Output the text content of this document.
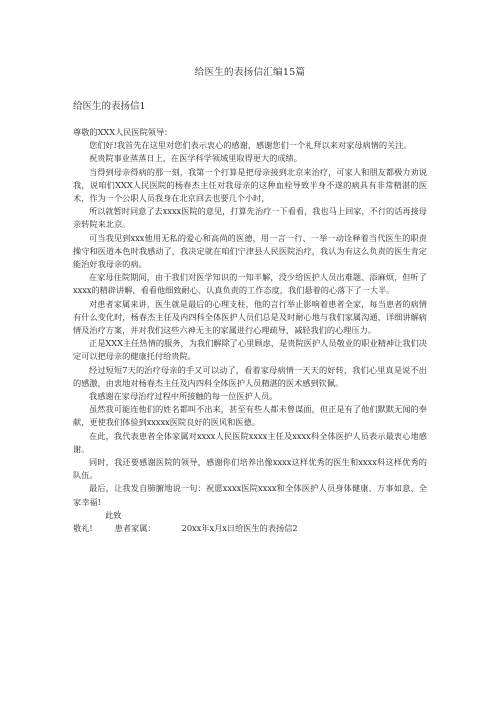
给医生的表扬信汇编15篇
给医生的表扬信1

尊敬的XXX人民医院领导：

您们好!我首先在这里对您们表示衷心的感谢，感谢您们一个礼拜以来对家母病情的关注。

祝贵院事业蒸蒸日上，在医学科学领域里取得更大的成绩。

当得到母亲得病的那一刻，我第一个打算是把母亲接到北京来治疗，可家人和朋友都极力劝说我，说咱们XXX人民医院的杨春杰主任对我母亲的这种血栓导致半身不遂的病具有非常精湛的医术，作为一个公职人员我身在北京回去也要几个小时，

所以就暂时同意了去xxxx医院的意见，打算先治疗一下看看，我也马上回家，不行的话再接母亲转院来北京。

可当我见到xxx他用无私的爱心和高尚的医德，用一言一行、一举一动诠释着当代医生的职责操守和医道本色时我感动了，我决定就在咱们宁津县人民医院治疗，我认为有这么负责的医生肯定能治好我母亲的病。

在家母住院期间，由于我们对医学知识的一知半解，没少给医护人员出难题、添麻烦，但听了xxxx的精辟讲解，看看他细致耐心、认真负责的工作态度，我们悬着的心落下了一大半。

对患者家属来讲，医生就是最后的心理支柱，他的言行举止影响着患者全家，每当患者的病情有什么变化时，杨春杰主任及内四科全体医护人员们总是及时耐心地与我们家属沟通，详细讲解病情及治疗方案，并对我们这些六神无主的家属进行心理疏导，减轻我们的心理压力。

正是XXX主任热情的服务，为我们解除了心里顾虑，是贵院医护人员敬业的职业精神让我们决定可以把母亲的健康托付给贵院。

经过短短7天的治疗母亲的手又可以动了，看着家母病情一天天的好转，我们心里真是说不出的感激，由衷地对杨春杰主任及内四科全体医护人员精湛的医术感到钦佩。

我感谢在家母治疗过程中所接触的每一位医护人员。

虽然我可能连他们的姓名都叫不出来，甚至有些人都未曾谋面，但正是有了他们默默无闻的奉献，更使我们体验到xxxxx医院良好的医风和医德。

在此，我代表患者全体家属对xxxx人民医院xxxx主任及xxxx科全体医护人员表示最衷心地感谢。

同时，我还要感谢医院的领导，感谢你们培养出像xxxx这样优秀的医生和xxxx科这样优秀的队伍。

最后，让我发自肺腑地说一句：祝愿xxxx医院xxxx和全体医护人员身体健康、万事如意、全家幸福!

此致

敬礼!	患者家属：	20xx年x月x日给医生的表扬信2
